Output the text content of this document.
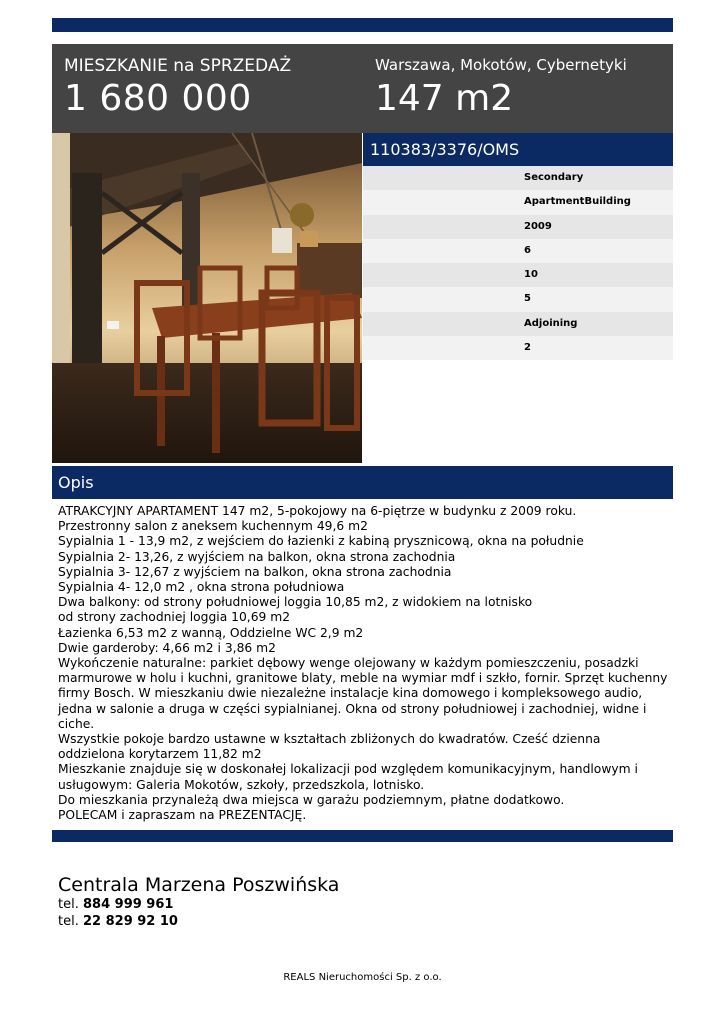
MIESZKANIE na SPRZEDAŻ
1 680 000
Warszawa, Mokotów, Cybernetyki
147 m2
110383/3376/OMS
Secondary
ApartmentBuilding
2009
6
10
5
Adjoining
2
Opis
ATRAKCYJNY APARTAMENT 147 m2, 5-pokojowy na 6-piętrze w budynku z 2009 roku.
Przestronny salon z aneksem kuchennym 49,6 m2
Sypialnia 1 - 13,9 m2, z wejściem do łazienki z kabiną prysznicową, okna na południe
Sypialnia 2- 13,26, z wyjściem na balkon, okna strona zachodnia
Sypialnia 3- 12,67 z wyjściem na balkon, okna strona zachodnia
Sypialnia 4- 12,0 m2 , okna strona południowa
Dwa balkony: od strony południowej loggia 10,85 m2, z widokiem na lotnisko
od strony zachodniej loggia 10,69 m2
Łazienka 6,53 m2 z wanną, Oddzielne WC 2,9 m2
Dwie garderoby: 4,66 m2 i 3,86 m2
Wykończenie naturalne: parkiet dębowy wenge olejowany w każdym pomieszczeniu, posadzki marmurowe w holu i kuchni, granitowe blaty, meble na wymiar mdf i szkło, fornir. Sprzęt kuchenny firmy Bosch. W mieszkaniu dwie niezależne instalacje kina domowego i kompleksowego audio, jedna w salonie a druga w części sypialnianej. Okna od strony południowej i zachodniej, widne i ciche.
Wszystkie pokoje bardzo ustawne w kształtach zbliżonych do kwadratów. Cześć dzienna oddzielona korytarzem 11,82 m2
Mieszkanie znajduje się w doskonałej lokalizacji pod względem komunikacyjnym, handlowym i usługowym: Galeria Mokotów, szkoły, przedszkola, lotnisko.
Do mieszkania przynależą dwa miejsca w garażu podziemnym, płatne dodatkowo.
POLECAM i zapraszam na PREZENTACJĘ.
Centrala Marzena Poszwińska
tel. 884 999 961
tel. 22 829 92 10
REALS Nieruchomości Sp. z o.o.
